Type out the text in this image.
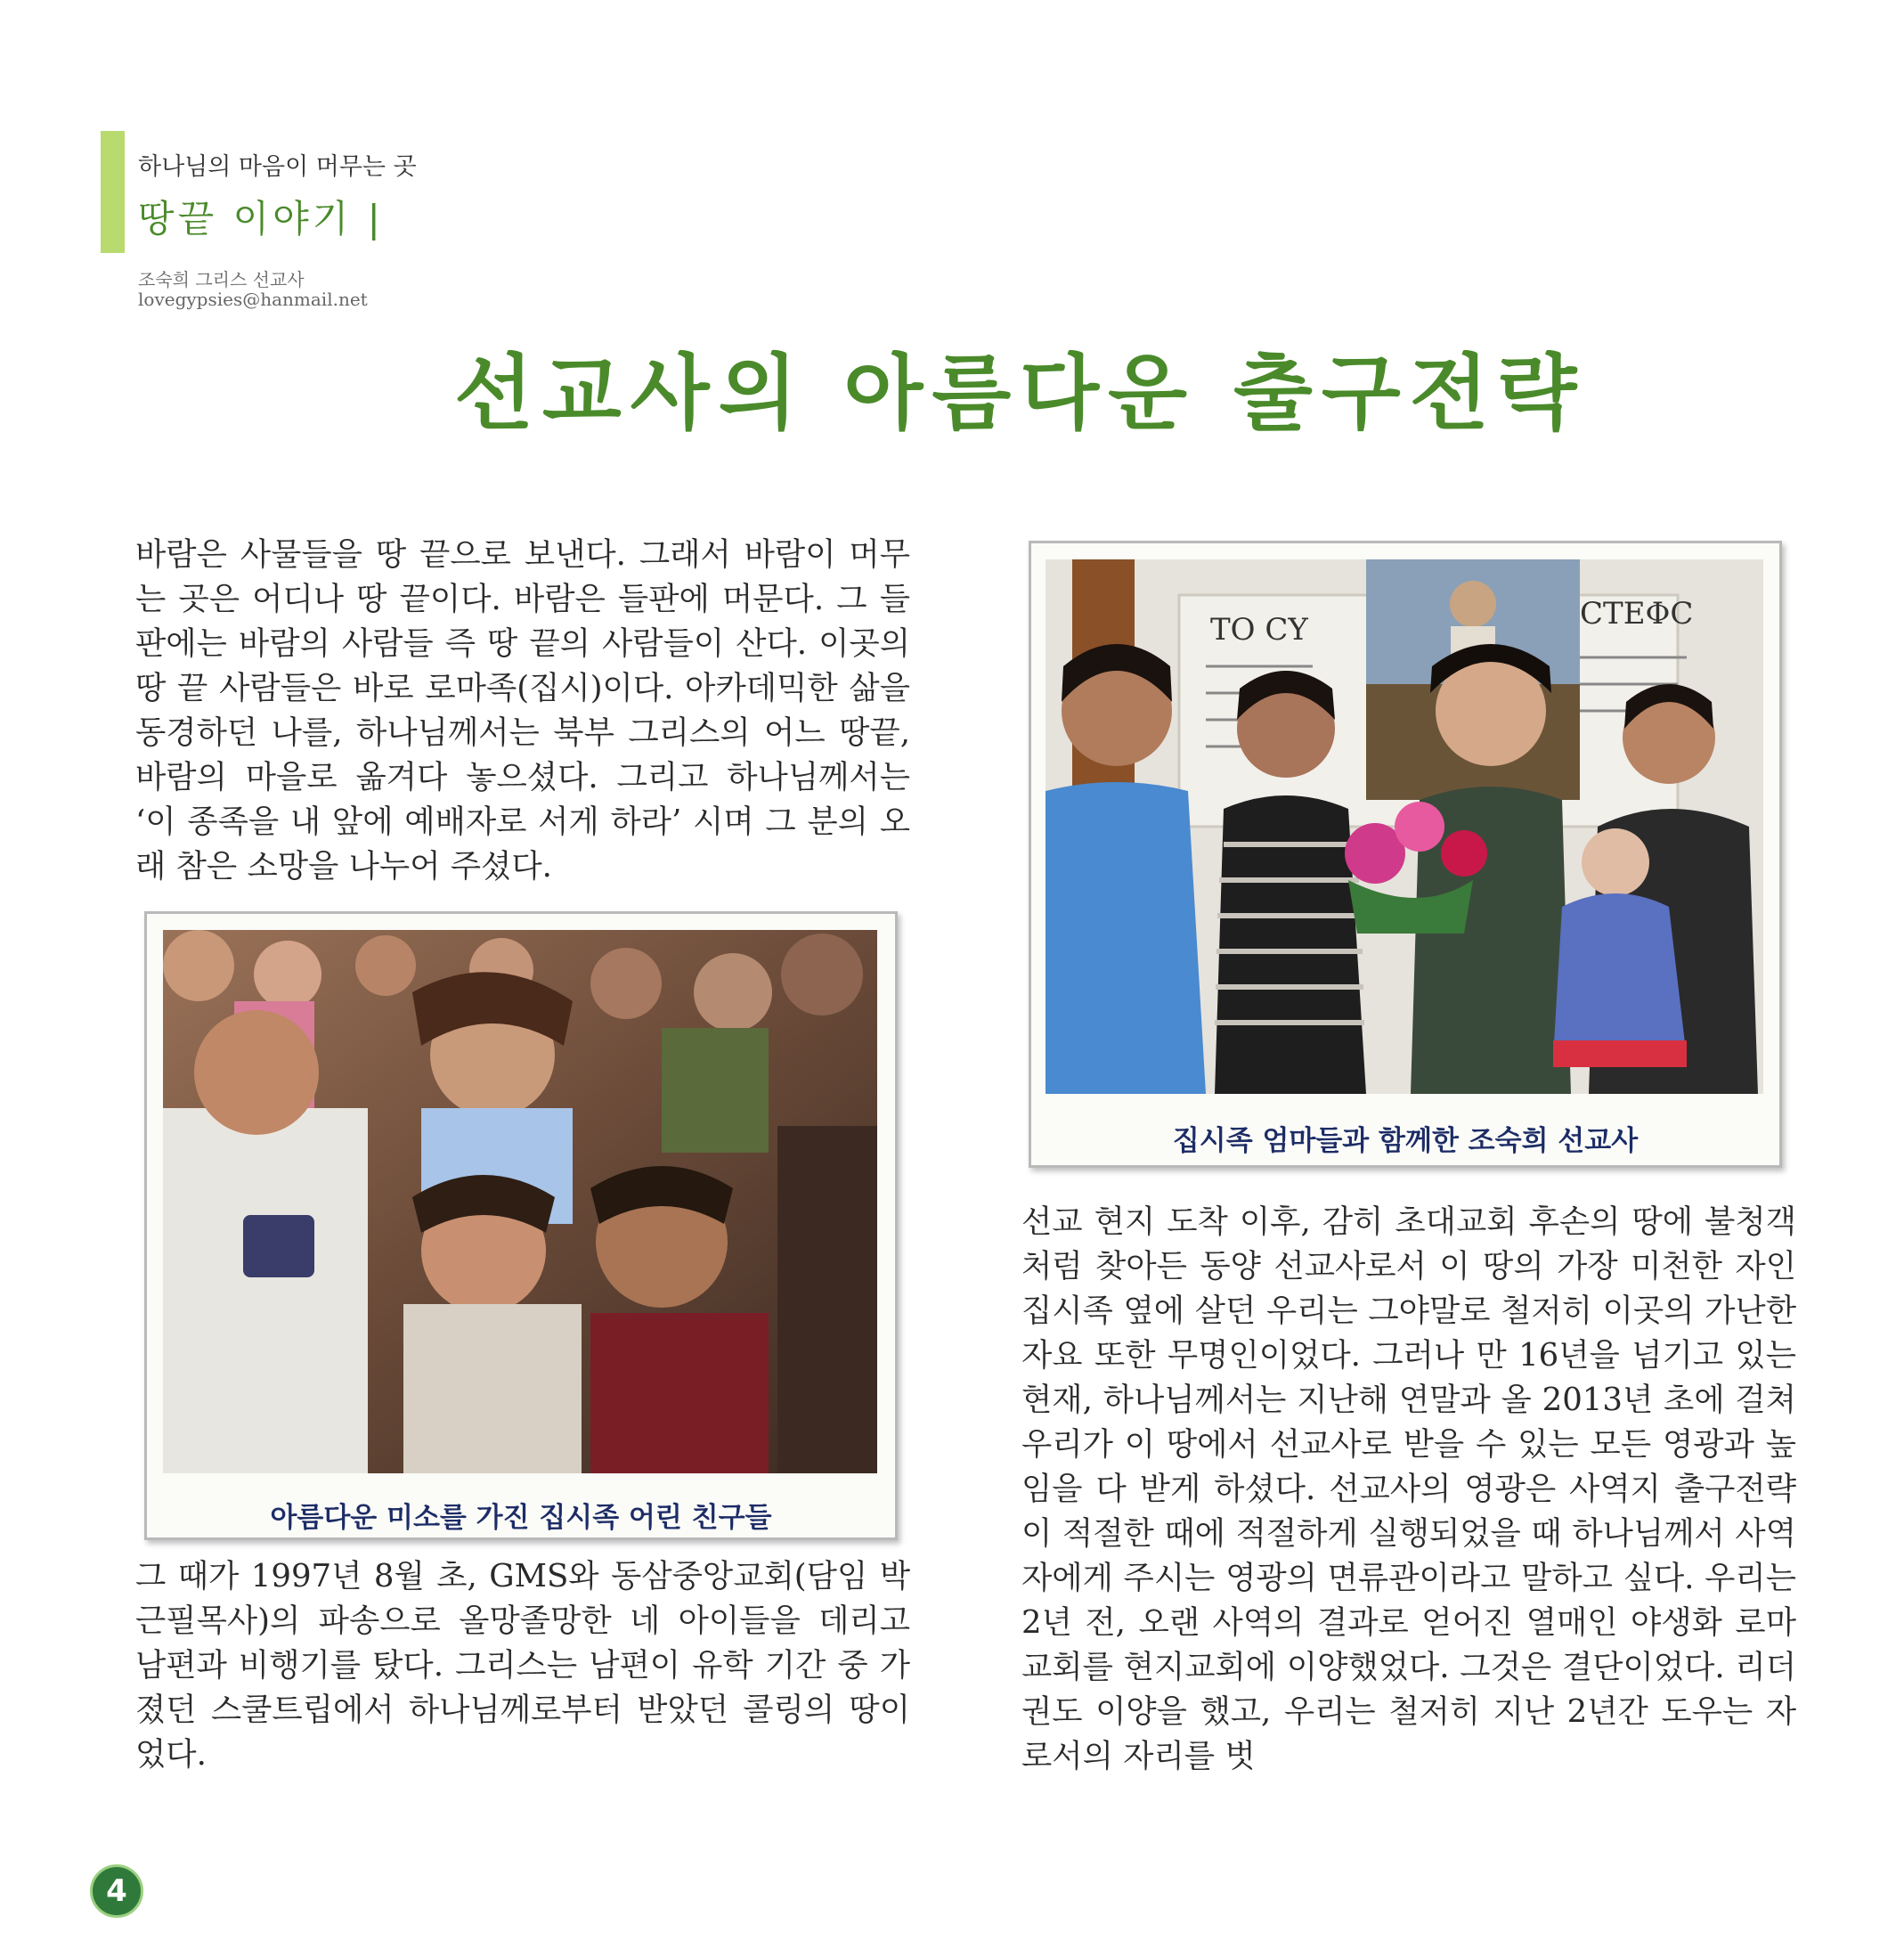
하나님의 마음이 머무는 곳
땅끝 이야기 |
조숙희 그리스 선교사
lovegypsies@hanmail.net
선교사의 아름다운 출구전략

바람은 사물들을 땅 끝으로 보낸다. 그래서 바람이 머무는 곳은 어디나 땅 끝이다. 바람은 들판에 머문다. 그 들판에는 바람의 사람들 즉 땅 끝의 사람들이 산다. 이곳의 땅 끝 사람들은 바로 로마족(집시)이다. 아카데믹한 삶을 동경하던 나를, 하나님께서는 북부 그리스의 어느 땅끝, 바람의 마을로 옮겨다 놓으셨다. 그리고 하나님께서는 ‘이 종족을 내 앞에 예배자로 서게 하라’ 시며 그 분의 오래 참은 소망을 나누어 주셨다.

아름다운 미소를 가진 집시족 어린 친구들

그 때가 1997년 8월 초, GMS와 동삼중앙교회(담임 박근필목사)의 파송으로 올망졸망한 네 아이들을 데리고 남편과 비행기를 탔다. 그리스는 남편이 유학 기간 중 가졌던 스쿨트립에서 하나님께로부터 받았던 콜링의 땅이었다.

TO CY	CTEΦC
집시족 엄마들과 함께한 조숙희 선교사

선교 현지 도착 이후, 감히 초대교회 후손의 땅에 불청객처럼 찾아든 동양 선교사로서 이 땅의 가장 미천한 자인 집시족 옆에 살던 우리는 그야말로 철저히 이곳의 가난한 자요 또한 무명인이었다. 그러나 만 16년을 넘기고 있는 현재, 하나님께서는 지난해 연말과 올 2013년 초에 걸쳐 우리가 이 땅에서 선교사로 받을 수 있는 모든 영광과 높임을 다 받게 하셨다. 선교사의 영광은 사역지 출구전략이 적절한 때에 적절하게 실행되었을 때 하나님께서 사역자에게 주시는 영광의 면류관이라고 말하고 싶다. 우리는 2년 전, 오랜 사역의 결과로 얻어진 열매인 야생화 로마교회를 현지교회에 이양했었다. 그것은 결단이었다. 리더권도 이양을 했고, 우리는 철저히 지난 2년간 도우는 자로서의 자리를 벗

4
